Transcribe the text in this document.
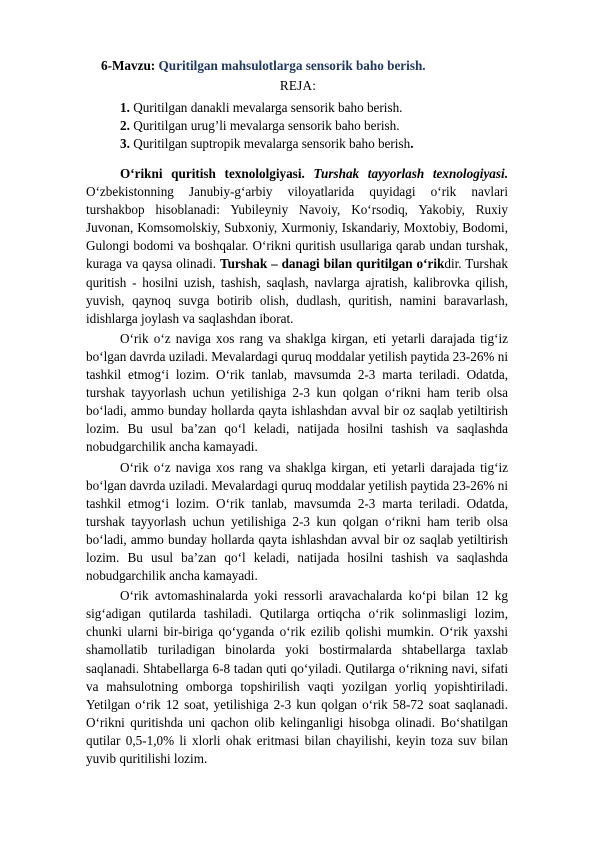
6-Mavzu: Quritilgan mahsulotlarga sensorik baho berish.
REJA:
1. Quritilgan danakli mevalarga sensorik baho berish.
2. Quritilgan urug’li mevalarga sensorik baho berish.
3. Quritilgan suptropik mevalarga sensorik baho berish.

O‘rikni quritish texnololgiyasi. Turshak tayyorlash texnologiyasi. O‘zbekistonning Janubiy-g‘arbiy viloyatlarida quyidagi o‘rik navlari turshakbop hisoblanadi: Yubileyniy Navoiy, Ko‘rsodiq, Yakobiy, Ruxiy Juvonan, Komsomolskiy, Subxoniy, Xurmoniy, Iskandariy, Moxtobiy, Bodomi, Gulongi bodomi va boshqalar. O‘rikni quritish usullariga qarab undan turshak, kuraga va qaysa olinadi. Turshak – danagi bilan quritilgan o‘rikdir. Turshak quritish - hosilni uzish, tashish, saqlash, navlarga ajratish, kalibrovka qilish, yuvish, qaynoq suvga botirib olish, dudlash, quritish, namini baravarlash, idishlarga joylash va saqlashdan iborat.

O‘rik o‘z naviga xos rang va shaklga kirgan, eti yetarli darajada tig‘iz bo‘lgan davrda uziladi. Mevalardagi quruq moddalar yetilish paytida 23-26% ni tashkil etmog‘i lozim. O‘rik tanlab, mavsumda 2-3 marta teriladi. Odatda, turshak tayyorlash uchun yetilishiga 2-3 kun qolgan o‘rikni ham terib olsa bo‘ladi, ammo bunday hollarda qayta ishlashdan avval bir oz saqlab yetiltirish lozim. Bu usul ba’zan qo‘l keladi, natijada hosilni tashish va saqlashda nobudgarchilik ancha kamayadi.

O‘rik o‘z naviga xos rang va shaklga kirgan, eti yetarli darajada tig‘iz bo‘lgan davrda uziladi. Mevalardagi quruq moddalar yetilish paytida 23-26% ni tashkil etmog‘i lozim. O‘rik tanlab, mavsumda 2-3 marta teriladi. Odatda, turshak tayyorlash uchun yetilishiga 2-3 kun qolgan o‘rikni ham terib olsa bo‘ladi, ammo bunday hollarda qayta ishlashdan avval bir oz saqlab yetiltirish lozim. Bu usul ba’zan qo‘l keladi, natijada hosilni tashish va saqlashda nobudgarchilik ancha kamayadi.

O‘rik avtomashinalarda yoki ressorli aravachalarda ko‘pi bilan 12 kg sig‘adigan qutilarda tashiladi. Qutilarga ortiqcha o‘rik solinmasligi lozim, chunki ularni bir-biriga qo‘yganda o‘rik ezilib qolishi mumkin. O‘rik yaxshi shamollatib turiladigan binolarda yoki bostirmalarda shtabellarga taxlab saqlanadi. Shtabellarga 6-8 tadan quti qo‘yiladi. Qutilarga o‘rikning navi, sifati va mahsulotning omborga topshirilish vaqti yozilgan yorliq yopishtiriladi. Yetilgan o‘rik 12 soat, yetilishiga 2-3 kun qolgan o‘rik 58-72 soat saqlanadi. O‘rikni quritishda uni qachon olib kelinganligi hisobga olinadi. Bo‘shatilgan qutilar 0,5-1,0% li xlorli ohak eritmasi bilan chayilishi, keyin toza suv bilan yuvib quritilishi lozim.
